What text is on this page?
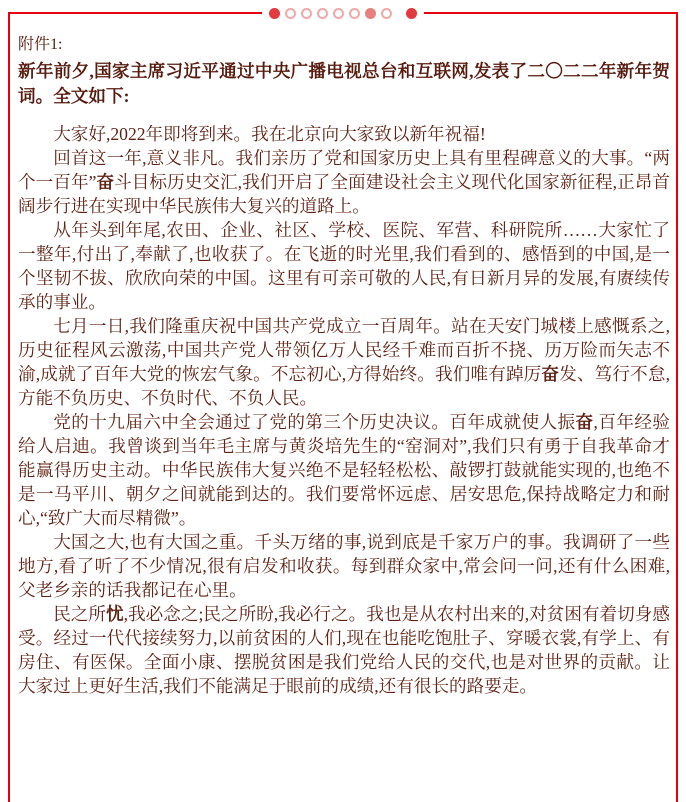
附件1:

新年前夕,国家主席习近平通过中央广播电视总台和互联网,发表了二〇二二年新年贺词。全文如下:

大家好,2022年即将到来。我在北京向大家致以新年祝福!

回首这一年,意义非凡。我们亲历了党和国家历史上具有里程碑意义的大事。“两个一百年”奋斗目标历史交汇,我们开启了全面建设社会主义现代化国家新征程,正昂首阔步行进在实现中华民族伟大复兴的道路上。

从年头到年尾,农田、企业、社区、学校、医院、军营、科研院所……大家忙了一整年,付出了,奉献了,也收获了。在飞逝的时光里,我们看到的、感悟到的中国,是一个坚韧不拔、欣欣向荣的中国。这里有可亲可敬的人民,有日新月异的发展,有赓续传承的事业。

七月一日,我们隆重庆祝中国共产党成立一百周年。站在天安门城楼上感慨系之,历史征程风云激荡,中国共产党人带领亿万人民经千难而百折不挠、历万险而矢志不渝,成就了百年大党的恢宏气象。不忘初心,方得始终。我们唯有踔厉奋发、笃行不怠,方能不负历史、不负时代、不负人民。

党的十九届六中全会通过了党的第三个历史决议。百年成就使人振奋,百年经验给人启迪。我曾谈到当年毛主席与黄炎培先生的“窑洞对”,我们只有勇于自我革命才能赢得历史主动。中华民族伟大复兴绝不是轻轻松松、敲锣打鼓就能实现的,也绝不是一马平川、朝夕之间就能到达的。我们要常怀远虑、居安思危,保持战略定力和耐心,“致广大而尽精微”。

大国之大,也有大国之重。千头万绪的事,说到底是千家万户的事。我调研了一些地方,看了听了不少情况,很有启发和收获。每到群众家中,常会问一问,还有什么困难,父老乡亲的话我都记在心里。

民之所忧,我必念之;民之所盼,我必行之。我也是从农村出来的,对贫困有着切身感受。经过一代代接续努力,以前贫困的人们,现在也能吃饱肚子、穿暖衣裳,有学上、有房住、有医保。全面小康、摆脱贫困是我们党给人民的交代,也是对世界的贡献。让大家过上更好生活,我们不能满足于眼前的成绩,还有很长的路要走。
